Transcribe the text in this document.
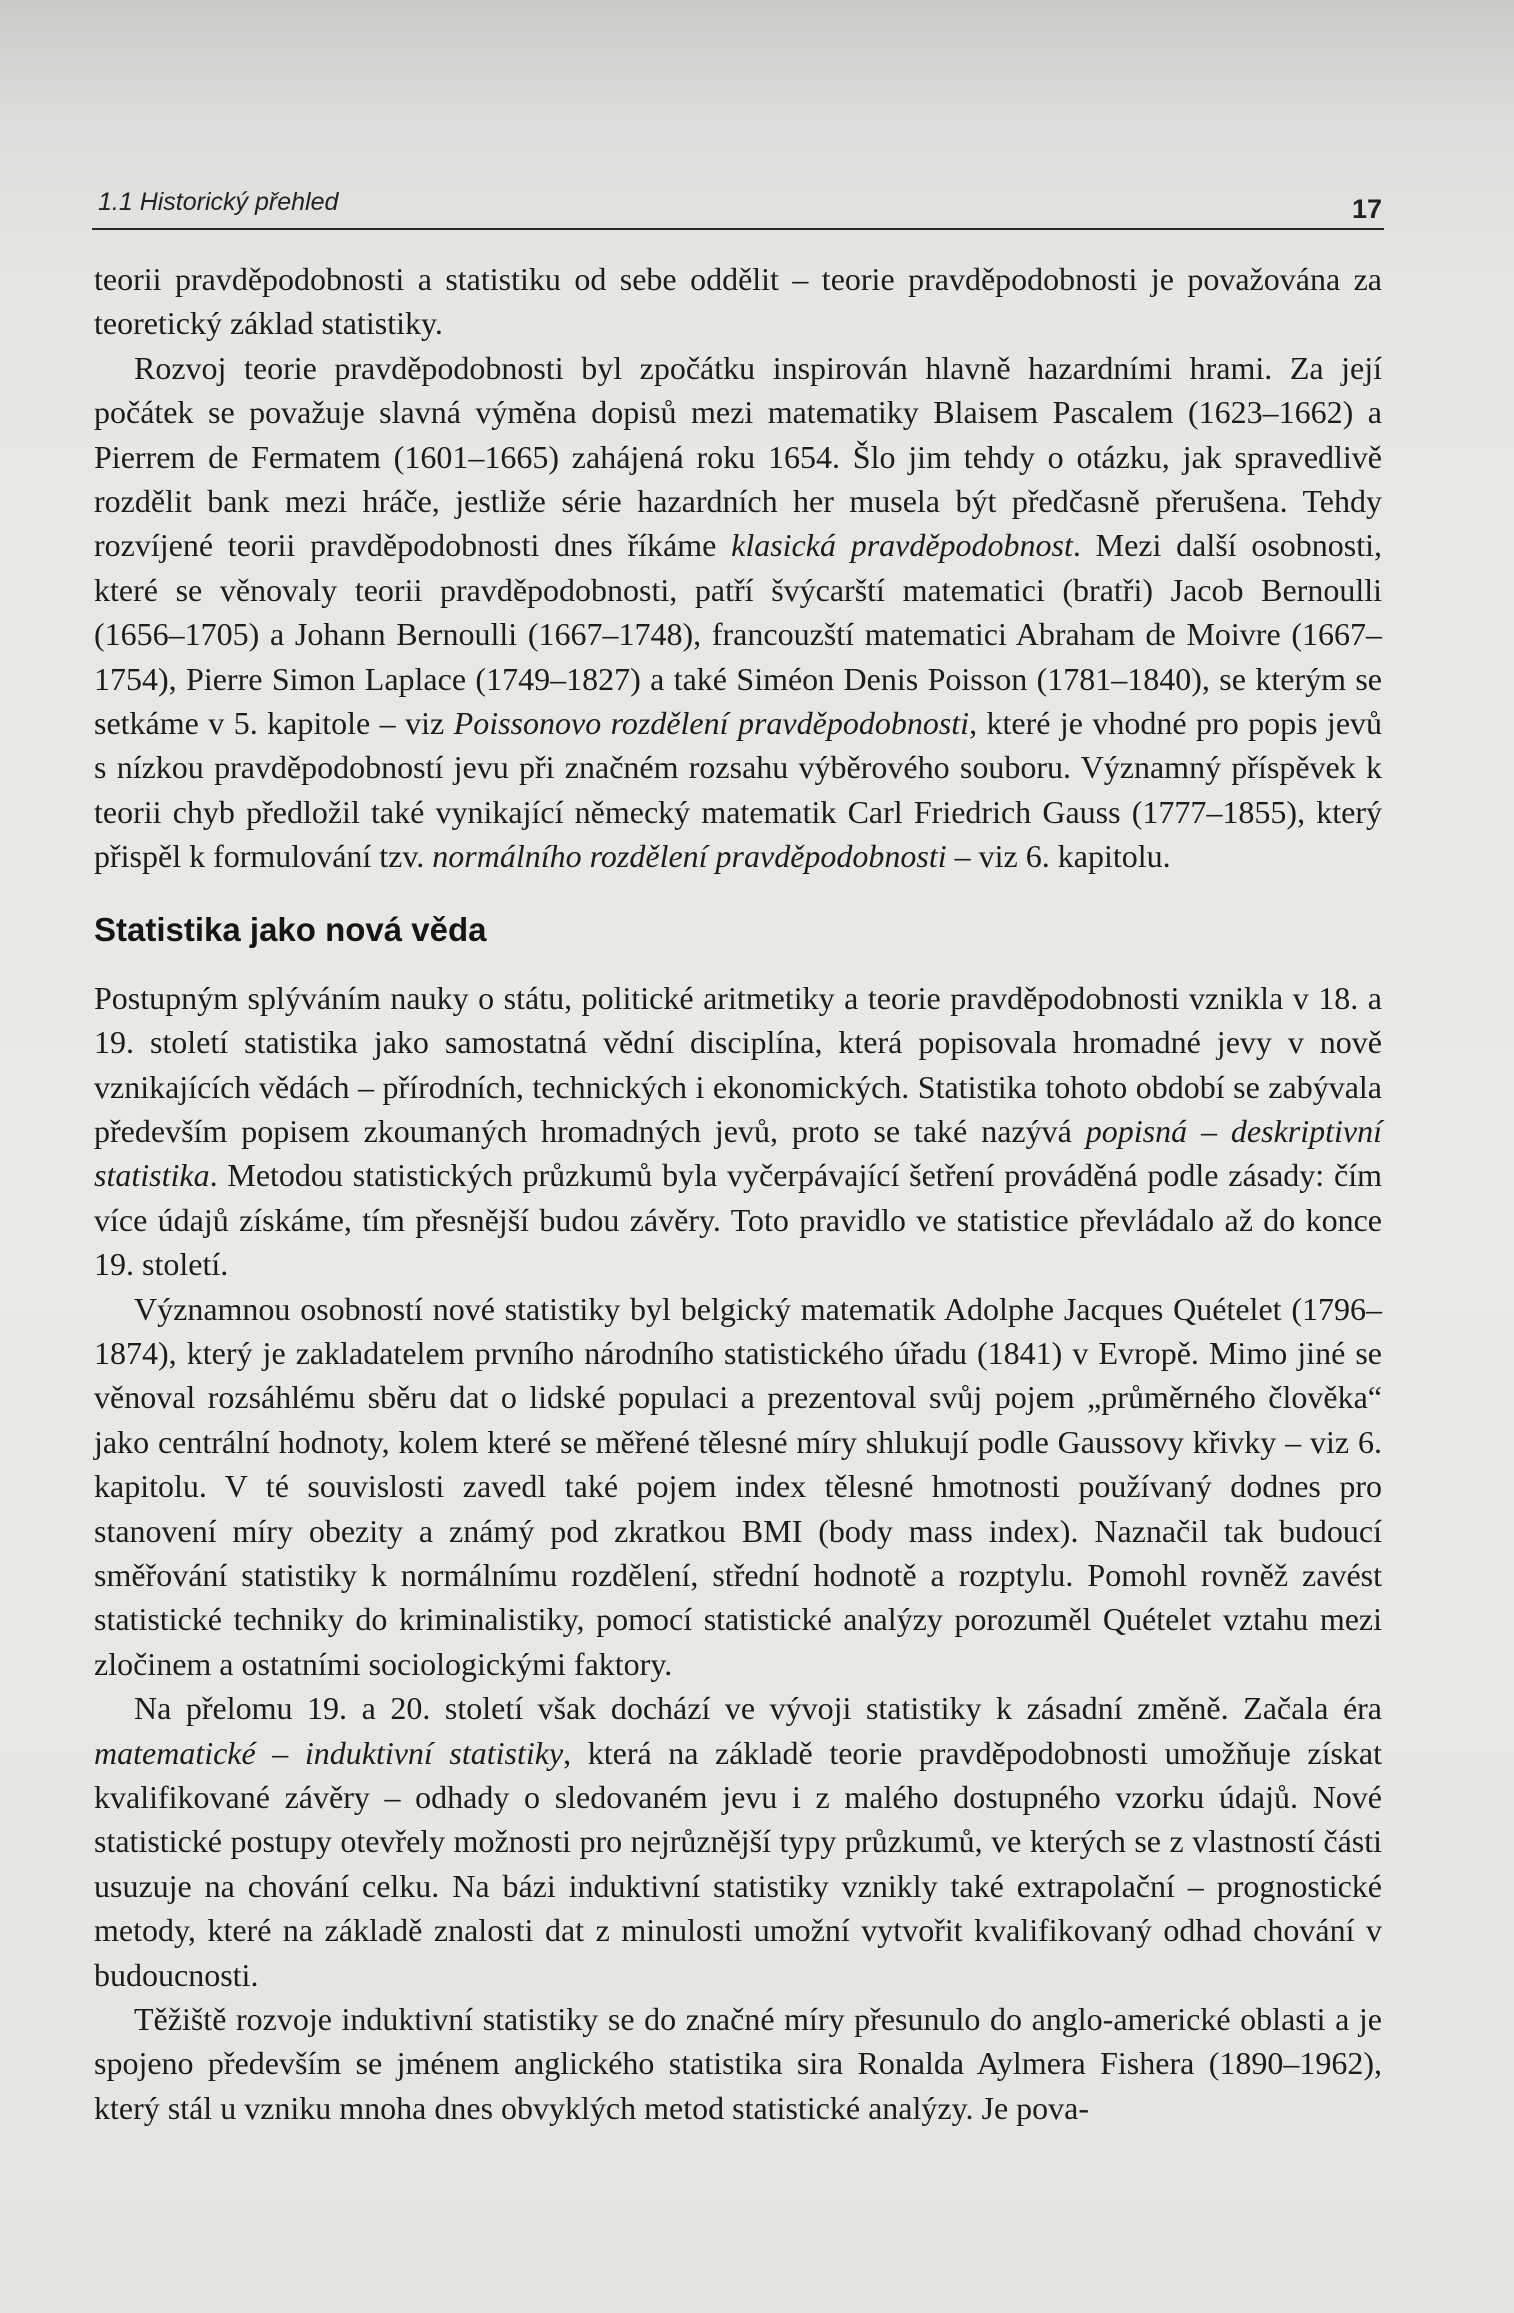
1.1 Historický přehled	17

teorii pravděpodobnosti a statistiku od sebe oddělit – teorie pravděpodobnosti je považována za teoretický základ statistiky.

Rozvoj teorie pravděpodobnosti byl zpočátku inspirován hlavně hazardními hrami. Za její počátek se považuje slavná výměna dopisů mezi matematiky Blaisem Pascalem (1623–1662) a Pierrem de Fermatem (1601–1665) zahájená roku 1654. Šlo jim tehdy o otázku, jak spravedlivě rozdělit bank mezi hráče, jestliže série hazardních her musela být předčasně přerušena. Tehdy rozvíjené teorii pravděpodobnosti dnes říkáme klasická pravděpodobnost. Mezi další osobnosti, které se věnovaly teorii pravděpodobnosti, patří švýcarští matematici (bratři) Jacob Bernoulli (1656–1705) a Johann Bernoulli (1667–1748), francouzští matematici Abraham de Moivre (1667–1754), Pierre Simon Laplace (1749–1827) a také Siméon Denis Poisson (1781–1840), se kterým se setkáme v 5. kapitole – viz Poissonovo rozdělení pravděpodobnosti, které je vhodné pro popis jevů s nízkou pravděpodobností jevu při značném rozsahu výběrového souboru. Významný příspěvek k teorii chyb předložil také vynikající německý matematik Carl Friedrich Gauss (1777–1855), který přispěl k formulování tzv. normálního rozdělení pravděpodobnosti – viz 6. kapitolu.

Statistika jako nová věda

Postupným splýváním nauky o státu, politické aritmetiky a teorie pravděpodobnosti vznikla v 18. a 19. století statistika jako samostatná vědní disciplína, která popisovala hromadné jevy v nově vznikajících vědách – přírodních, technických i ekonomických. Statistika tohoto období se zabývala především popisem zkoumaných hromadných jevů, proto se také nazývá popisná – deskriptivní statistika. Metodou statistických průzkumů byla vyčerpávající šetření prováděná podle zásady: čím více údajů získáme, tím přesnější budou závěry. Toto pravidlo ve statistice převládalo až do konce 19. století.

Významnou osobností nové statistiky byl belgický matematik Adolphe Jacques Quételet (1796–1874), který je zakladatelem prvního národního statistického úřadu (1841) v Evropě. Mimo jiné se věnoval rozsáhlému sběru dat o lidské populaci a prezentoval svůj pojem „průměrného člověka“ jako centrální hodnoty, kolem které se měřené tělesné míry shlukují podle Gaussovy křivky – viz 6. kapitolu. V té souvislosti zavedl také pojem index tělesné hmotnosti používaný dodnes pro stanovení míry obezity a známý pod zkratkou BMI (body mass index). Naznačil tak budoucí směřování statistiky k normálnímu rozdělení, střední hodnotě a rozptylu. Pomohl rovněž zavést statistické techniky do kriminalistiky, pomocí statistické analýzy porozuměl Quételet vztahu mezi zločinem a ostatními sociologickými faktory.

Na přelomu 19. a 20. století však dochází ve vývoji statistiky k zásadní změně. Začala éra matematické – induktivní statistiky, která na základě teorie pravděpodobnosti umožňuje získat kvalifikované závěry – odhady o sledovaném jevu i z malého dostupného vzorku údajů. Nové statistické postupy otevřely možnosti pro nejrůznější typy průzkumů, ve kterých se z vlastností části usuzuje na chování celku. Na bázi induktivní statistiky vznikly také extrapolační – prognostické metody, které na základě znalosti dat z minulosti umožní vytvořit kvalifikovaný odhad chování v budoucnosti.

Těžiště rozvoje induktivní statistiky se do značné míry přesunulo do anglo-americké oblasti a je spojeno především se jménem anglického statistika sira Ronalda Aylmera Fishera (1890–1962), který stál u vzniku mnoha dnes obvyklých metod statistické analýzy. Je pova-
